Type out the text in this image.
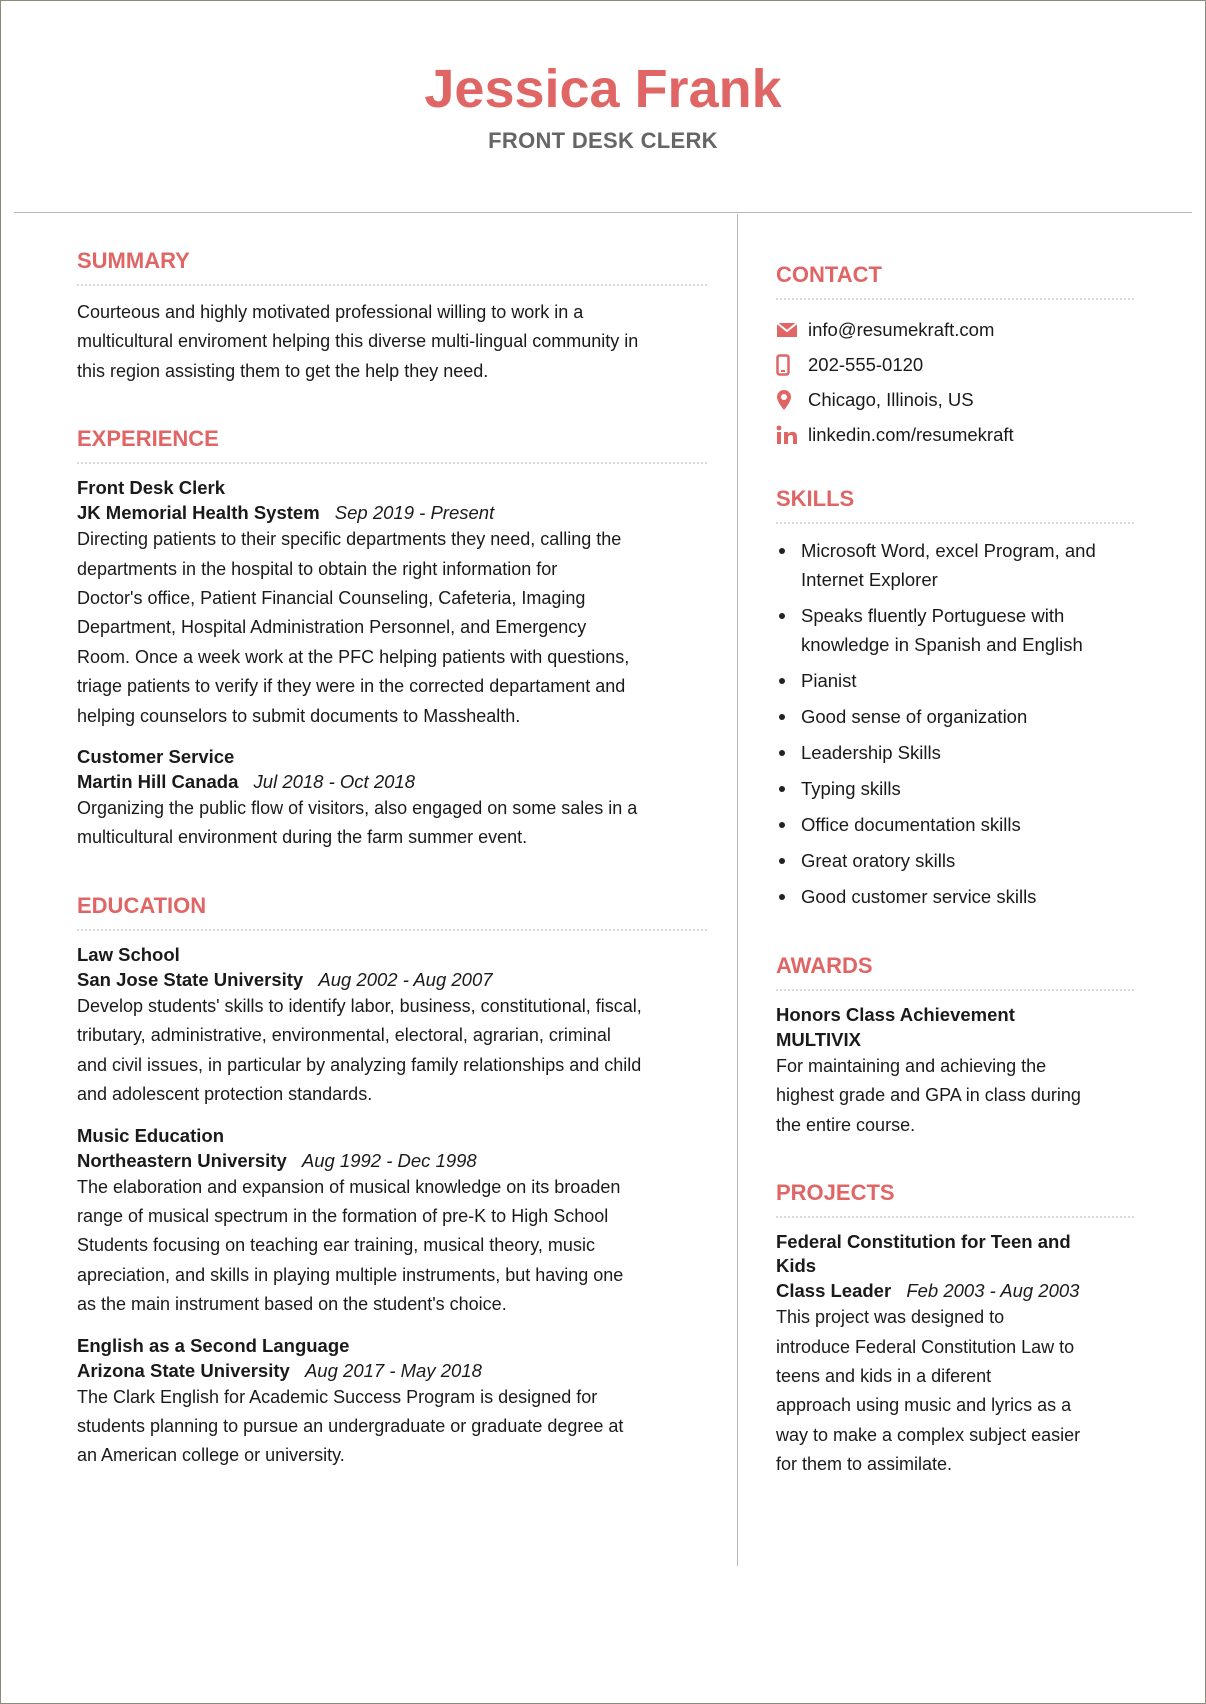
Jessica Frank
FRONT DESK CLERK
SUMMARY

Courteous and highly motivated professional willing to work in a
multicultural enviroment helping this diverse multi-lingual community in
this region assisting them to get the help they need.

EXPERIENCE
Front Desk Clerk
JK Memorial Health System Sep 2019 - Present

Directing patients to their specific departments they need, calling the
departments in the hospital to obtain the right information for
Doctor's office, Patient Financial Counseling, Cafeteria, Imaging
Department, Hospital Administration Personnel, and Emergency
Room. Once a week work at the PFC helping patients with questions,
triage patients to verify if they were in the corrected departament and
helping counselors to submit documents to Masshealth.

Customer Service
Martin Hill Canada Jul 2018 - Oct 2018

Organizing the public flow of visitors, also engaged on some sales in a
multicultural environment during the farm summer event.

EDUCATION
Law School
San Jose State University Aug 2002 - Aug 2007

Develop students' skills to identify labor, business, constitutional, fiscal,
tributary, administrative, environmental, electoral, agrarian, criminal
and civil issues, in particular by analyzing family relationships and child
and adolescent protection standards.

Music Education
Northeastern University Aug 1992 - Dec 1998

The elaboration and expansion of musical knowledge on its broaden
range of musical spectrum in the formation of pre-K to High School
Students focusing on teaching ear training, musical theory, music
apreciation, and skills in playing multiple instruments, but having one
as the main instrument based on the student's choice.

English as a Second Language
Arizona State University Aug 2017 - May 2018

The Clark English for Academic Success Program is designed for
students planning to pursue an undergraduate or graduate degree at
an American college or university.

CONTACT
info@resumekraft.com
202-555-0120
Chicago, Illinois, US
linkedin.com/resumekraft
SKILLS
Microsoft Word, excel Program, and
Internet Explorer
Speaks fluently Portuguese with
knowledge in Spanish and English
Pianist
Good sense of organization
Leadership Skills
Typing skills
Office documentation skills
Great oratory skills
Good customer service skills
AWARDS
Honors Class Achievement
MULTIVIX

For maintaining and achieving the
highest grade and GPA in class during
the entire course.

PROJECTS
Federal Constitution for Teen and
Kids
Class Leader Feb 2003 - Aug 2003

This project was designed to
introduce Federal Constitution Law to
teens and kids in a diferent
approach using music and lyrics as a
way to make a complex subject easier
for them to assimilate.
